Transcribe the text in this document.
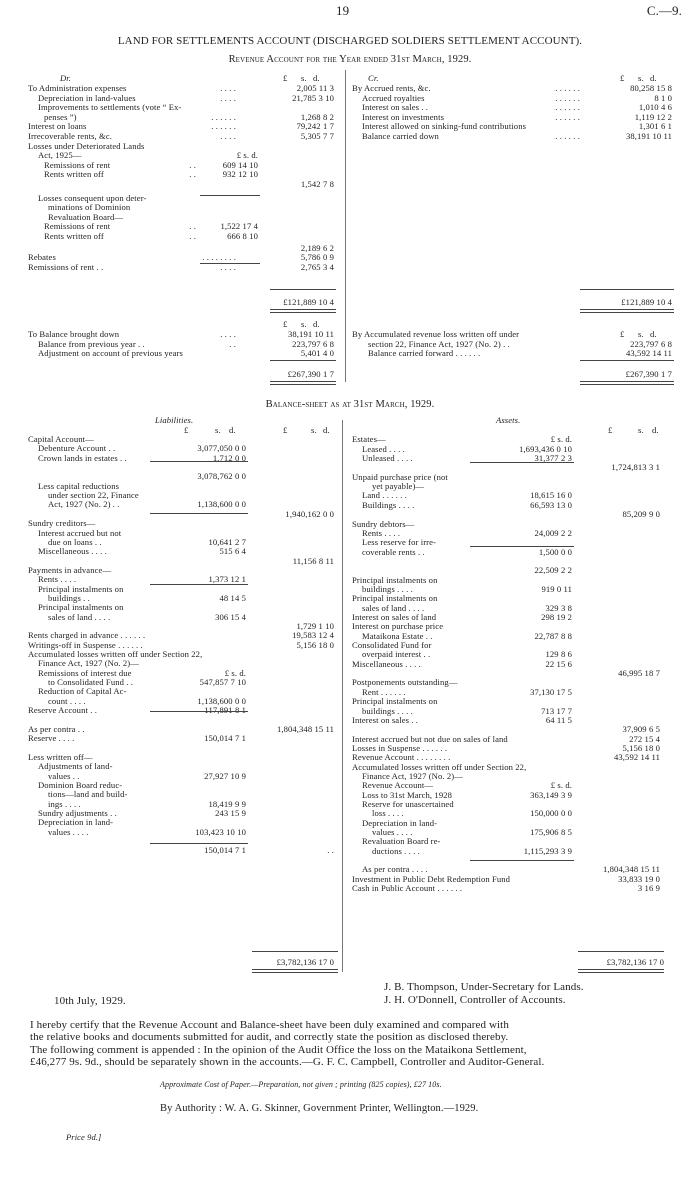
19	C.—9.
LAND FOR SETTLEMENTS ACCOUNT (DISCHARGED SOLDIERS SETTLEMENT ACCOUNT).
Revenue Account for the Year ended 31st March, 1929.
Dr.	Cr.
£ s. d.	£ s. d.
To Administration expenses	. . . .	2,005 11 3
Depreciation in land-values	. . . .	21,785 3 10
Improvements to settlements (vote “ Ex-
penses ”)	. . . . . .	1,268 8 2
Interest on loans	. . . . . .	79,242 1 7
Irrecoverable rents, &c.	. . . .	5,305 7 7
Losses under Deteriorated Lands
Act, 1925—	£ s. d.
Remissions of rent	. .	609 14 10
Rents written off	. .	932 12 10
1,542 7 8
Losses consequent upon deter-
minations of Dominion
Revaluation Board—
Remissions of rent	. .	1,522 17 4
Rents written off	. .	666 8 10
2,189 6 2
Rebates	. . . . . . . .	5,786 0 9
Remissions of rent . .	. . . .	2,765 3 4
£121,889 10 4
By Accrued rents, &c.	. . . . . .	80,258 15 8
Accrued royalties	. . . . . .	8 1 0
Interest on sales . .	. . . . . .	1,010 4 6
Interest on investments	. . . . . .	1,119 12 2
Interest allowed on sinking-fund contributions	1,301 6 1
Balance carried down	. . . . . .	38,191 10 11
£121,889 10 4
£ s. d.
To Balance brought down	. . . .	38,191 10 11
Balance from previous year . .	. .	223,797 6 8
Adjustment on account of previous years	5,401 4 0
£267,390 1 7
£ s. d.
By Accumulated revenue loss written off under
section 22, Finance Act, 1927 (No. 2) . .	223,797 6 8
Balance carried forward . . . . . .	43,592 14 11
£267,390 1 7
Balance-sheet as at 31st March, 1929.
Liabilities.	Assets.
£	s. d.	£	s. d.	£	s. d.
Capital Account—
Debenture Account . .	3,077,050 0 0
Crown lands in estates . .	1,712 0 0
3,078,762 0 0
Less capital reductions
under section 22, Finance
Act, 1927 (No. 2) . .	1,138,600 0 0
1,940,162 0 0
Sundry creditors—
Interest accrued but not
due on loans . .	10,641 2 7
Miscellaneous . . . .	515 6 4
11,156 8 11
Payments in advance—
Rents . . . .	1,373 12 1
Principal instalments on
buildings . .	48 14 5
Principal instalments on
sales of land . . . .	306 15 4
1,729 1 10
Rents charged in advance . . . . . .	19,583 12 4
Writings-off in Suspense . . . . . .	5,156 18 0
Accumulated losses written off under Section 22,
Finance Act, 1927 (No. 2)—
Remissions of interest due	£ s. d.
to Consolidated Fund . .	547,857 7 10
Reduction of Capital Ac-
count . . . .	1,138,600 0 0
Reserve Account . .	117,891 8 1
As per contra . .	1,804,348 15 11
Reserve . . . .	150,014 7 1
Less written off—
Adjustments of land-
values . .	27,927 10 9
Dominion Board reduc-
tions—land and build-
ings . . . .	18,419 9 9
Sundry adjustments . .	243 15 9
Depreciation in land-
values . . . .	103,423 10 10
150,014 7 1	. .
£3,782,136 17 0
Estates—	£ s. d.
Leased . . . .	1,693,436 0 10
Unleased . . . .	31,377 2 3
1,724,813 3 1
Unpaid purchase price (not
yet payable)—
Land . . . . . .	18,615 16 0
Buildings . . . .	66,593 13 0
85,209 9 0
Sundry debtors—
Rents . . . .	24,009 2 2
Less reserve for irre-
coverable rents . .	1,500 0 0
22,509 2 2
Principal instalments on
buildings . . . .	919 0 11
Principal instalments on
sales of land . . . .	329 3 8
Interest on sales of land	298 19 2
Interest on purchase price
Mataikona Estate . .	22,787 8 8
Consolidated Fund for
overpaid interest . .	129 8 6
Miscellaneous . . . .	22 15 6
46,995 18 7
Postponements outstanding—
Rent . . . . . .	37,130 17 5
Principal instalments on
buildings . . . .	713 17 7
Interest on sales . .	64 11 5
37,909 6 5
Interest accrued but not due on sales of land	272 15 4
Losses in Suspense . . . . . .	5,156 18 0
Revenue Account . . . . . . . .	43,592 14 11
Accumulated losses written off under Section 22,
Finance Act, 1927 (No. 2)—
Revenue Account—	£ s. d.
Loss to 31st March, 1928	363,149 3 9
Reserve for unascertained
loss . . . .	150,000 0 0
Depreciation in land-
values . . . .	175,906 8 5
Revaluation Board re-
ductions . . . .	1,115,293 3 9
As per contra . . . .	1,804,348 15 11
Investment in Public Debt Redemption Fund	33,833 19 0
Cash in Public Account . . . . . .	3 16 9
£3,782,136 17 0
J. B. Thompson, Under-Secretary for Lands.
J. H. O'Donnell, Controller of Accounts.
10th July, 1929.
I hereby certify that the Revenue Account and Balance-sheet have been duly examined and compared with
the relative books and documents submitted for audit, and correctly state the position as disclosed thereby.
The following comment is appended : In the opinion of the Audit Office the loss on the Mataikona Settlement,
£46,277 9s. 9d., should be separately shown in the accounts.—G. F. C. Campbell, Controller and Auditor-General.
Approximate Cost of Paper.—Preparation, not given ; printing (825 copies), £27 10s.
By Authority : W. A. G. Skinner, Government Printer, Wellington.—1929.
Price 9d.]
